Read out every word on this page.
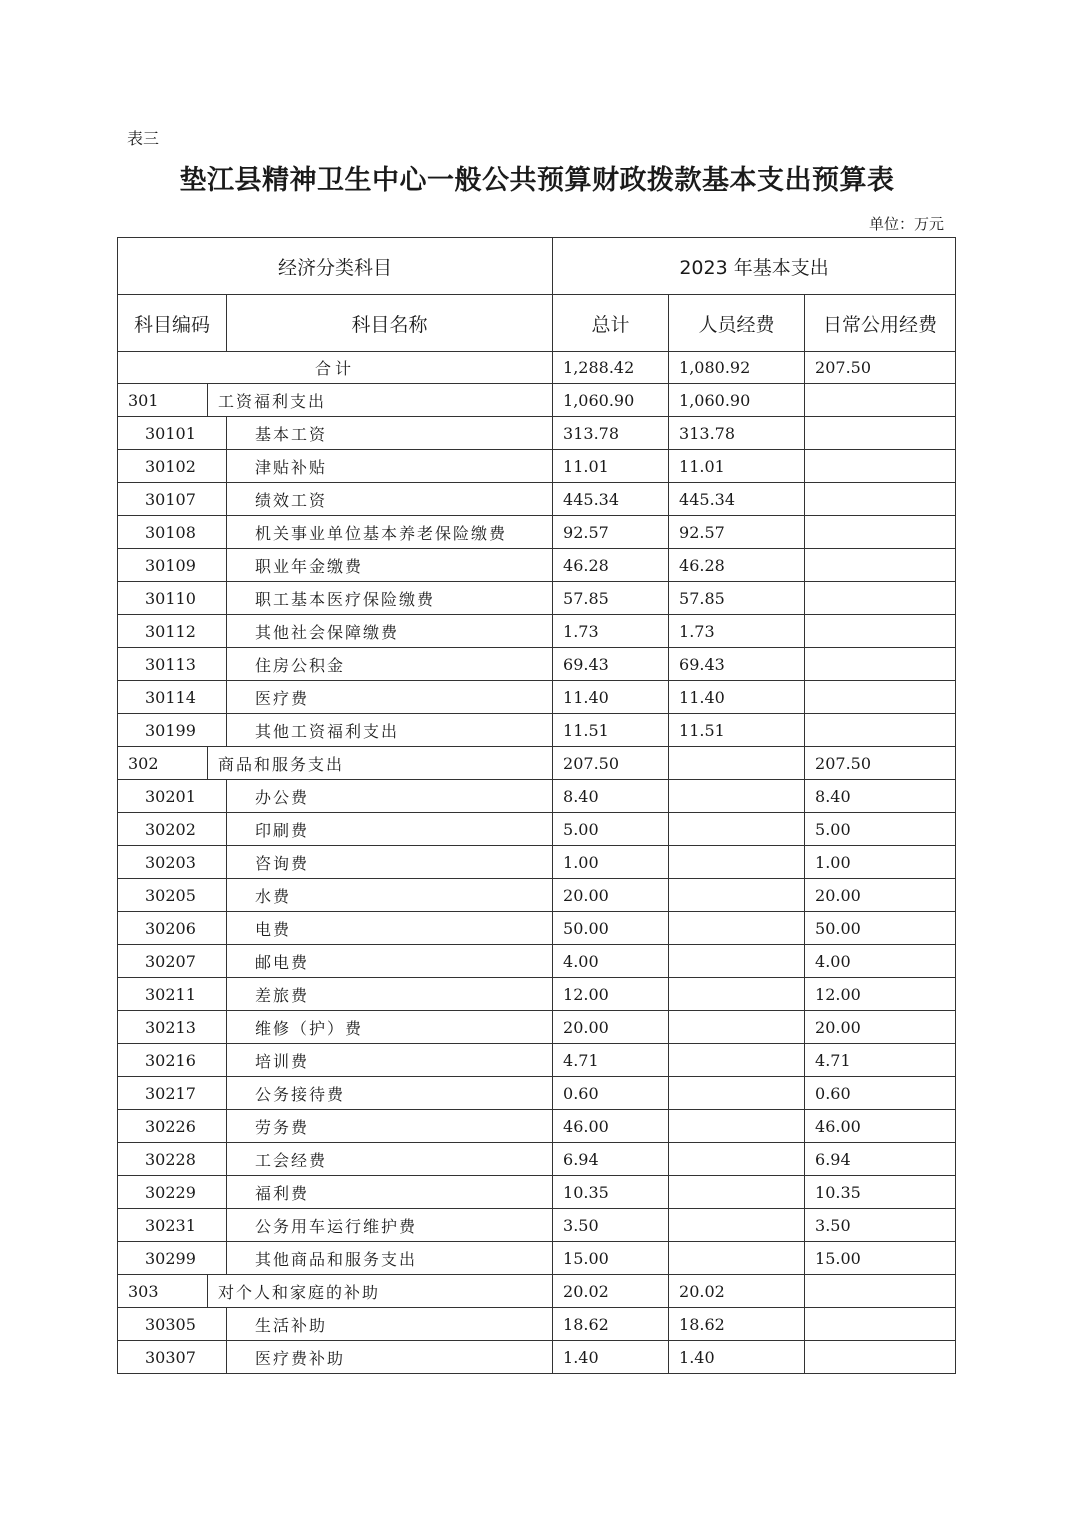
表三
垫江县精神卫生中心一般公共预算财政拨款基本支出预算表
单位：万元
经济分类科目			2023 年基本支出		
科目编码		科目名称	总计	人员经费	日常公用经费
合计			1,288.42	1,080.92	207.50
301	工资福利支出		1,060.90	1,060.90	
30101		基本工资	313.78	313.78	
30102		津贴补贴	11.01	11.01	
30107		绩效工资	445.34	445.34	
30108		机关事业单位基本养老保险缴费	92.57	92.57	
30109		职业年金缴费	46.28	46.28	
30110		职工基本医疗保险缴费	57.85	57.85	
30112		其他社会保障缴费	1.73	1.73	
30113		住房公积金	69.43	69.43	
30114		医疗费	11.40	11.40	
30199		其他工资福利支出	11.51	11.51	
302	商品和服务支出		207.50		207.50
30201		办公费	8.40		8.40
30202		印刷费	5.00		5.00
30203		咨询费	1.00		1.00
30205		水费	20.00		20.00
30206		电费	50.00		50.00
30207		邮电费	4.00		4.00
30211		差旅费	12.00		12.00
30213		维修（护）费	20.00		20.00
30216		培训费	4.71		4.71
30217		公务接待费	0.60		0.60
30226		劳务费	46.00		46.00
30228		工会经费	6.94		6.94
30229		福利费	10.35		10.35
30231		公务用车运行维护费	3.50		3.50
30299		其他商品和服务支出	15.00		15.00
303	对个人和家庭的补助		20.02	20.02	
30305		生活补助	18.62	18.62	
30307		医疗费补助	1.40	1.40	
